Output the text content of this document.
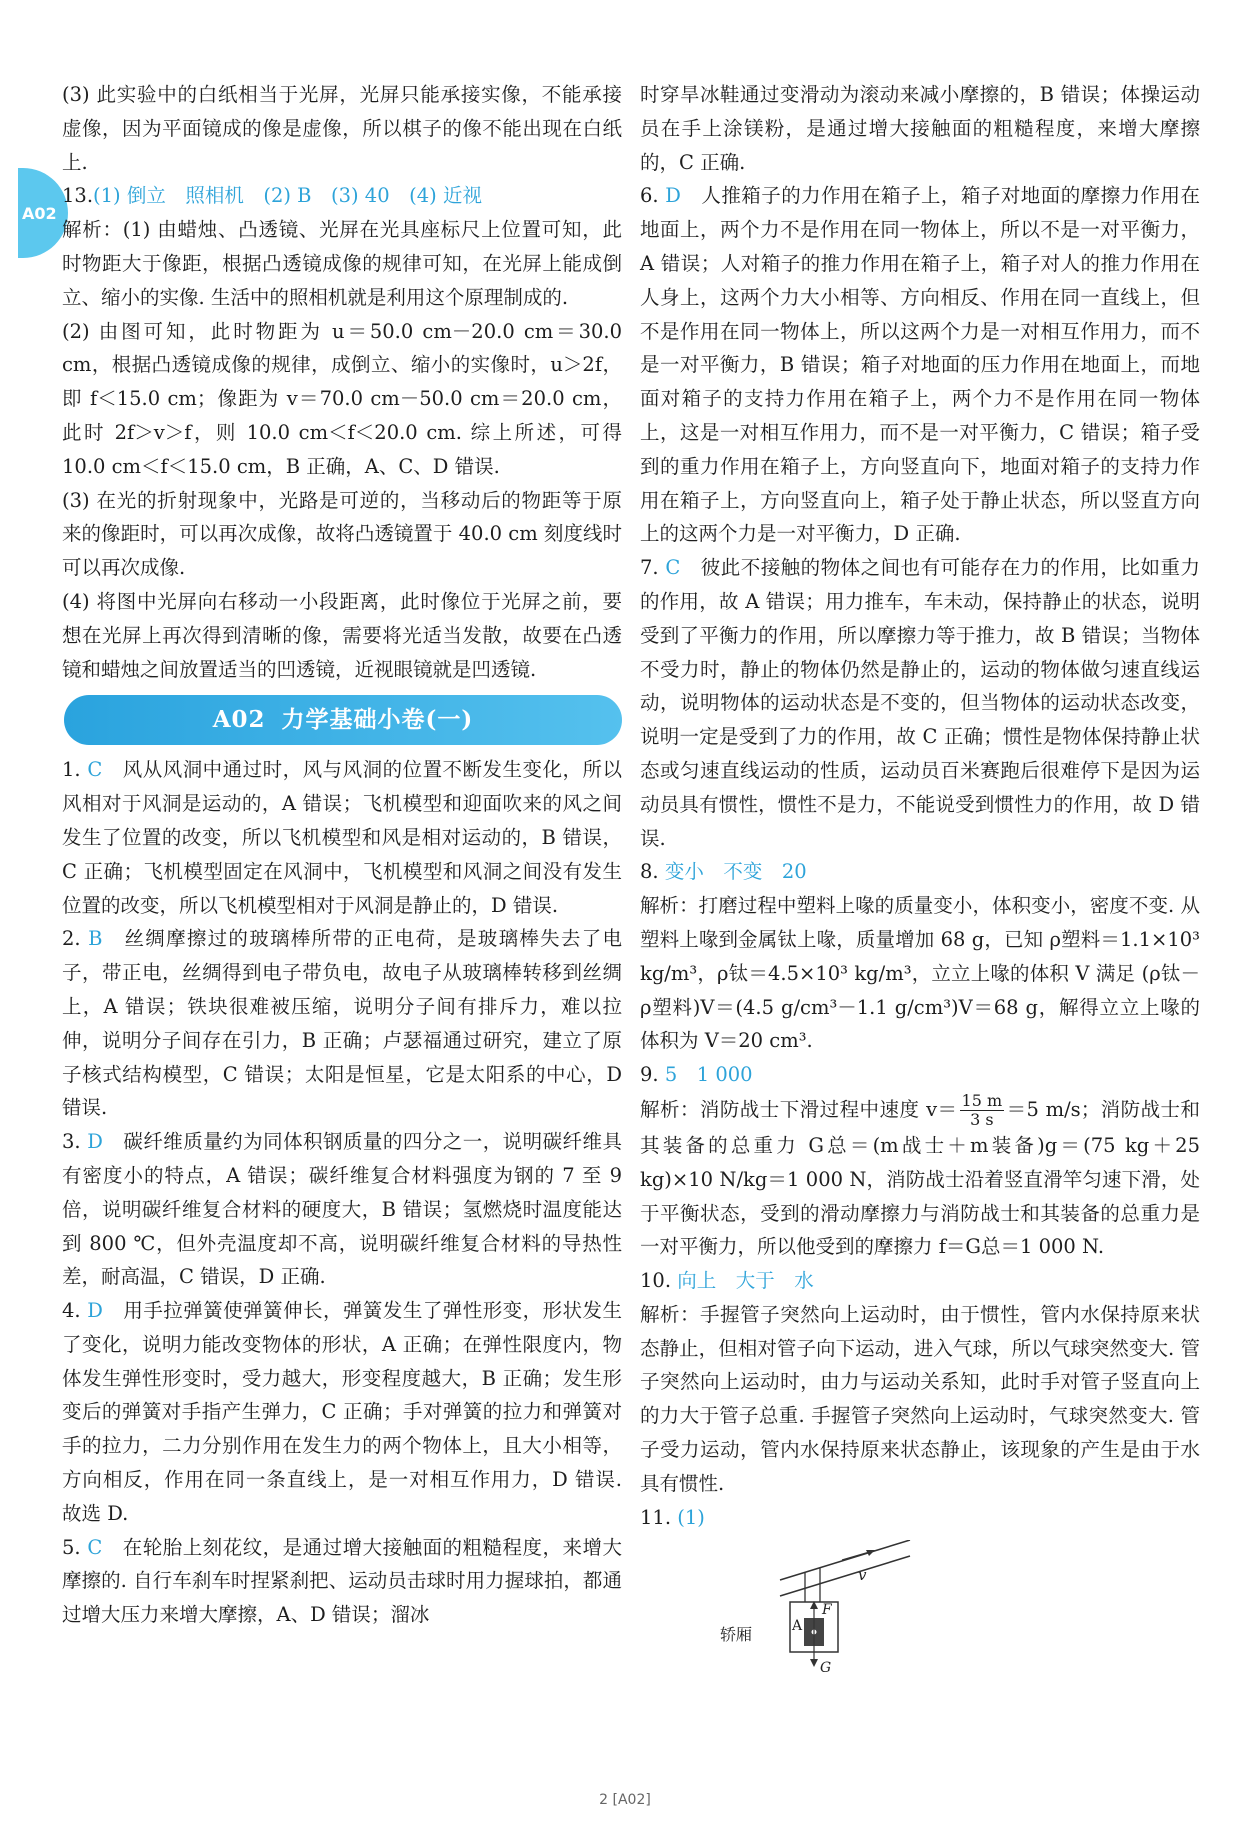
A02

(3) 此实验中的白纸相当于光屏，光屏只能承接实像，不能承接虚像，因为平面镜成的像是虚像，所以棋子的像不能出现在白纸上.

13.(1) 倒立　照相机　(2) B　(3) 40　(4) 近视

解析：(1) 由蜡烛、凸透镜、光屏在光具座标尺上位置可知，此时物距大于像距，根据凸透镜成像的规律可知，在光屏上能成倒立、缩小的实像. 生活中的照相机就是利用这个原理制成的.

(2) 由图可知，此时物距为 u＝50.0 cm－20.0 cm＝30.0 cm，根据凸透镜成像的规律，成倒立、缩小的实像时，u＞2f，即 f＜15.0 cm；像距为 v＝70.0 cm－50.0 cm＝20.0 cm，此时 2f＞v＞f，则 10.0 cm＜f＜20.0 cm. 综上所述，可得 10.0 cm＜f＜15.0 cm，B 正确，A、C、D 错误.

(3) 在光的折射现象中，光路是可逆的，当移动后的物距等于原来的像距时，可以再次成像，故将凸透镜置于 40.0 cm 刻度线时可以再次成像.

(4) 将图中光屏向右移动一小段距离，此时像位于光屏之前，要想在光屏上再次得到清晰的像，需要将光适当发散，故要在凸透镜和蜡烛之间放置适当的凹透镜，近视眼镜就是凹透镜.

A02 力学基础小卷(一)

1. C　 风从风洞中通过时，风与风洞的位置不断发生变化，所以风相对于风洞是运动的，A 错误；飞机模型和迎面吹来的风之间发生了位置的改变，所以飞机模型和风是相对运动的，B 错误，C 正确；飞机模型固定在风洞中，飞机模型和风洞之间没有发生位置的改变，所以飞机模型相对于风洞是静止的，D 错误.

2. B　 丝绸摩擦过的玻璃棒所带的正电荷，是玻璃棒失去了电子，带正电，丝绸得到电子带负电，故电子从玻璃棒转移到丝绸上，A 错误；铁块很难被压缩，说明分子间有排斥力，难以拉伸，说明分子间存在引力，B 正确；卢瑟福通过研究，建立了原子核式结构模型，C 错误；太阳是恒星，它是太阳系的中心，D 错误.

3. D　 碳纤维质量约为同体积钢质量的四分之一，说明碳纤维具有密度小的特点，A 错误；碳纤维复合材料强度为钢的 7 至 9 倍，说明碳纤维复合材料的硬度大，B 错误；氢燃烧时温度能达到 800 ℃，但外壳温度却不高，说明碳纤维复合材料的导热性差，耐高温，C 错误，D 正确.

4. D　 用手拉弹簧使弹簧伸长，弹簧发生了弹性形变，形状发生了变化，说明力能改变物体的形状，A 正确；在弹性限度内，物体发生弹性形变时，受力越大，形变程度越大，B 正确；发生形变后的弹簧对手指产生弹力，C 正确；手对弹簧的拉力和弹簧对手的拉力，二力分别作用在发生力的两个物体上，且大小相等，方向相反，作用在同一条直线上，是一对相互作用力，D 错误. 故选 D.

5. C　 在轮胎上刻花纹，是通过增大接触面的粗糙程度，来增大摩擦的. 自行车刹车时捏紧刹把、运动员击球时用力握球拍，都通过增大压力来增大摩擦，A、D 错误；溜冰

时穿旱冰鞋通过变滑动为滚动来减小摩擦的，B 错误；体操运动员在手上涂镁粉，是通过增大接触面的粗糙程度，来增大摩擦的，C 正确.

6. D　 人推箱子的力作用在箱子上，箱子对地面的摩擦力作用在地面上，两个力不是作用在同一物体上，所以不是一对平衡力，A 错误；人对箱子的推力作用在箱子上，箱子对人的推力作用在人身上，这两个力大小相等、方向相反、作用在同一直线上，但不是作用在同一物体上，所以这两个力是一对相互作用力，而不是一对平衡力，B 错误；箱子对地面的压力作用在地面上，而地面对箱子的支持力作用在箱子上，两个力不是作用在同一物体上，这是一对相互作用力，而不是一对平衡力，C 错误；箱子受到的重力作用在箱子上，方向竖直向下，地面对箱子的支持力作用在箱子上，方向竖直向上，箱子处于静止状态，所以竖直方向上的这两个力是一对平衡力，D 正确.

7. C　 彼此不接触的物体之间也有可能存在力的作用，比如重力的作用，故 A 错误；用力推车，车未动，保持静止的状态，说明受到了平衡力的作用，所以摩擦力等于推力，故 B 错误；当物体不受力时，静止的物体仍然是静止的，运动的物体做匀速直线运动，说明物体的运动状态是不变的，但当物体的运动状态改变，说明一定是受到了力的作用，故 C 正确；惯性是物体保持静止状态或匀速直线运动的性质，运动员百米赛跑后很难停下是因为运动员具有惯性，惯性不是力，不能说受到惯性力的作用，故 D 错误.

8. 变小　不变　20

解析：打磨过程中塑料上喙的质量变小，体积变小，密度不变. 从塑料上喙到金属钛上喙，质量增加 68 g，已知 ρ塑料＝1.1×10³ kg/m³，ρ钛＝4.5×10³ kg/m³，立立上喙的体积 V 满足 (ρ钛－ρ塑料)V＝(4.5 g/cm³－1.1 g/cm³)V＝68 g，解得立立上喙的体积为 V＝20 cm³.

9. 5　1 000

解析：消防战士下滑过程中速度 $v= \frac{15 m}{3 s} =5$ m/s；消防战士和其装备的总重力 G总＝(m战士＋m装备)g＝(75 kg＋25 kg)×10 N/kg＝1 000 N，消防战士沿着竖直滑竿匀速下滑，处于平衡状态，受到的滑动摩擦力与消防战士和其装备的总重力是一对平衡力，所以他受到的摩擦力 f＝G总＝1 000 N.

10. 向上　大于　水

解析：手握管子突然向上运动时，由于惯性，管内水保持原来状态静止，但相对管子向下运动，进入气球，所以气球突然变大. 管子突然向上运动时，由力与运动关系知，此时手对管子竖直向上的力大于管子总重. 手握管子突然向上运动时，气球突然变大. 管子受力运动，管内水保持原来状态静止，该现象的产生是由于水具有惯性.

11. (1)

v
A
F
G
轿厢
2 [A02]
